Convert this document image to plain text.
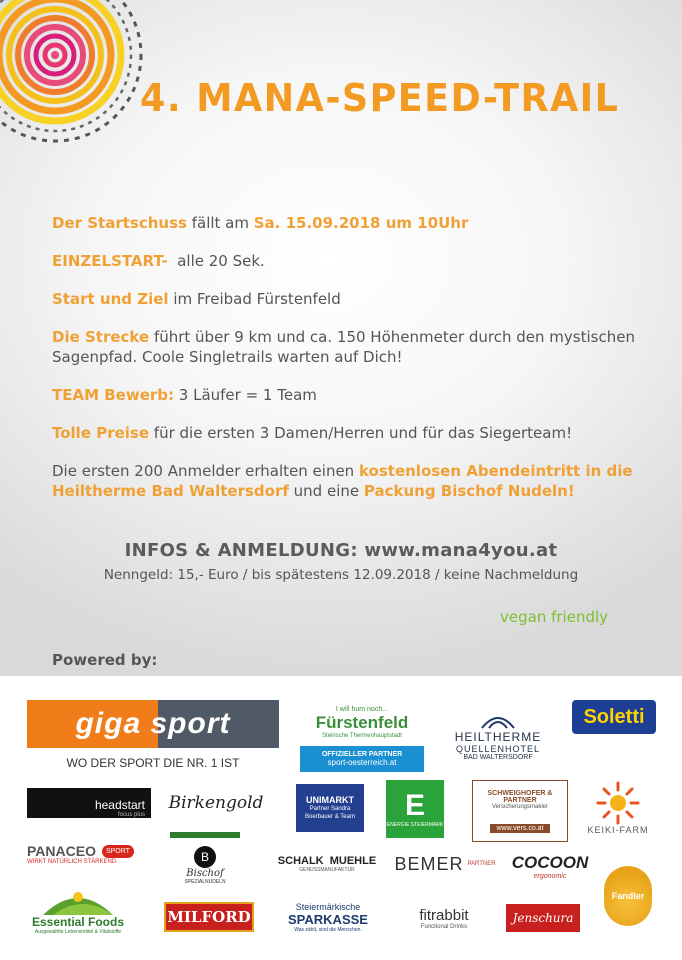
4. MANA-SPEED-TRAIL

Der Startschuss fällt am Sa. 15.09.2018 um 10Uhr

EINZELSTART-  alle 20 Sek.

Start und Ziel im Freibad Fürstenfeld

Die Strecke führt über 9 km und ca. 150 Höhenmeter durch den mystischen Sagenpfad. Coole Singletrails warten auf Dich!

TEAM Bewerb: 3 Läufer = 1 Team

Tolle Preise für die ersten 3 Damen/Herren und für das Siegerteam!

Die ersten 200 Anmelder erhalten einen kostenlosen Abendeintritt in die Heiltherme Bad Waltersdorf und eine Packung Bischof Nudeln!

INFOS & ANMELDUNG: www.mana4you.at
Nenngeld: 15,- Euro / bis spätestens 12.09.2018 / keine Nachmeldung
vegan friendly
Powered by:
giga sport
WO DER SPORT DIE NR. 1 IST
I will hum noch...
Fürstenfeld
Steirische Thermenhauptstadt
OFFIZIELLER PARTNER
sport-oesterreich.at
HEILTHERME
QUELLENHOTEL
BAD WALTERSDORF
Soletti
headstart
focus plus
Birkengold	UNIMARKT
Partner Sandra Boerbauer & Team	E
ENERGIE STEIERMARK
SCHWEIGHOFER & PARTNER
Versicherungsmakler
www.vers.co.at	KEIKI-FARM
PANACEO	SPORT
WIRKT NATÜRLICH STÄRKEND	B
Bischof
SPEZIALNUDELN
SCHALK  MUEHLE
GENUSSMANUFAKTUR BEMER PARTNER COCOON
ergonomic
Fandler
Essential Foods
Ausgewählte Lebensmittel & Vitalstoffe
MILFORD
Steiermärkische
SPARKASSE
Was zählt, sind die Menschen.
fitrabbit
Functional Drinks
Jenschura
